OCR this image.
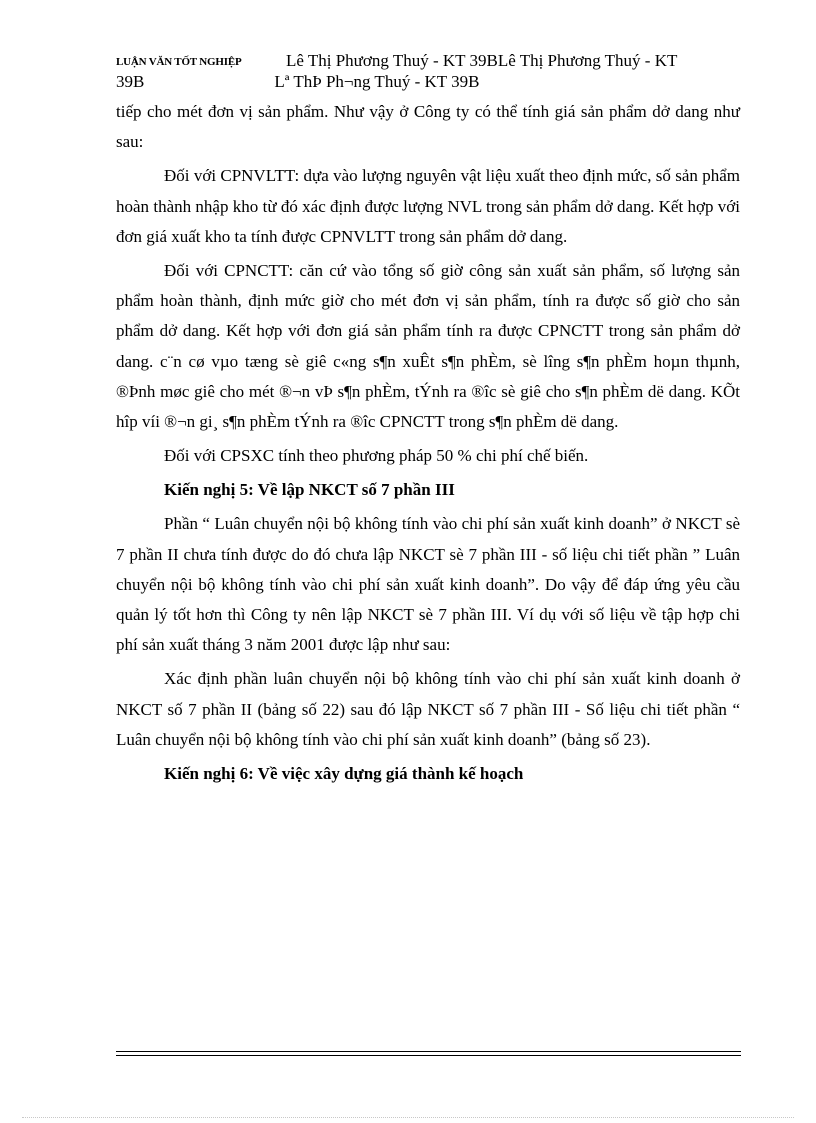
LUẬN VĂN TỐT NGHIỆP	Lê Thị Phương Thuý - KT 39BLê Thị Phương Thuý - KT
39B	Lª ThÞ Ph¬ng Thuý - KT 39B

tiếp cho mét đơn vị sản phẩm. Như vậy ở Công ty có thể tính giá sản phẩm dở dang như sau:

Đối với CPNVLTT: dựa vào lượng nguyên vật liệu xuất theo định mức, số sản phẩm hoàn thành nhập kho từ đó xác định được lượng NVL trong sản phẩm dở dang. Kết hợp với đơn giá xuất kho ta tính được CPNVLTT trong sản phẩm dở dang.

Đối với CPNCTT: căn cứ vào tổng số giờ công sản xuất sản phẩm, số lượng sản phẩm hoàn thành, định mức giờ cho mét đơn vị sản phẩm, tính ra được số giờ cho sản phẩm dở dang. Kết hợp với đơn giá sản phẩm tính ra được CPNCTT trong sản phẩm dở dang. c¨n cø vµo tæng sè giê c«ng s¶n xuÊt s¶n phÈm, sè lîng s¶n phÈm hoµn thµnh, ®Þnh møc giê cho mét ®¬n vÞ s¶n phÈm, tÝnh ra ®îc sè giê cho s¶n phÈm dë dang. KÕt hîp víi ®¬n gi¸ s¶n phÈm tÝnh ra ®îc CPNCTT trong s¶n phÈm dë dang.

Đối với CPSXC tính theo phương pháp 50 % chi phí chế biến.

Kiến nghị 5: Về lập NKCT số 7 phần III

Phần “ Luân chuyển nội bộ không tính vào chi phí sản xuất kinh doanh” ở NKCT sè 7 phần II chưa tính được do đó chưa lập NKCT sè 7 phần III - số liệu chi tiết phần ” Luân chuyển nội bộ không tính vào chi phí sản xuất kinh doanh”. Do vậy để đáp ứng yêu cầu quản lý tốt hơn thì Công ty nên lập NKCT sè 7 phần III. Ví dụ với số liệu về tập hợp chi phí sản xuất tháng 3 năm 2001 được lập như sau:

Xác định phần luân chuyển nội bộ không tính vào chi phí sản xuất kinh doanh ở NKCT số 7 phần II (bảng số 22) sau đó lập NKCT số 7 phần III - Số liệu chi tiết phần “ Luân chuyển nội bộ không tính vào chi phí sản xuất kinh doanh” (bảng số 23).

Kiến nghị 6: Về việc xây dựng giá thành kế hoạch
